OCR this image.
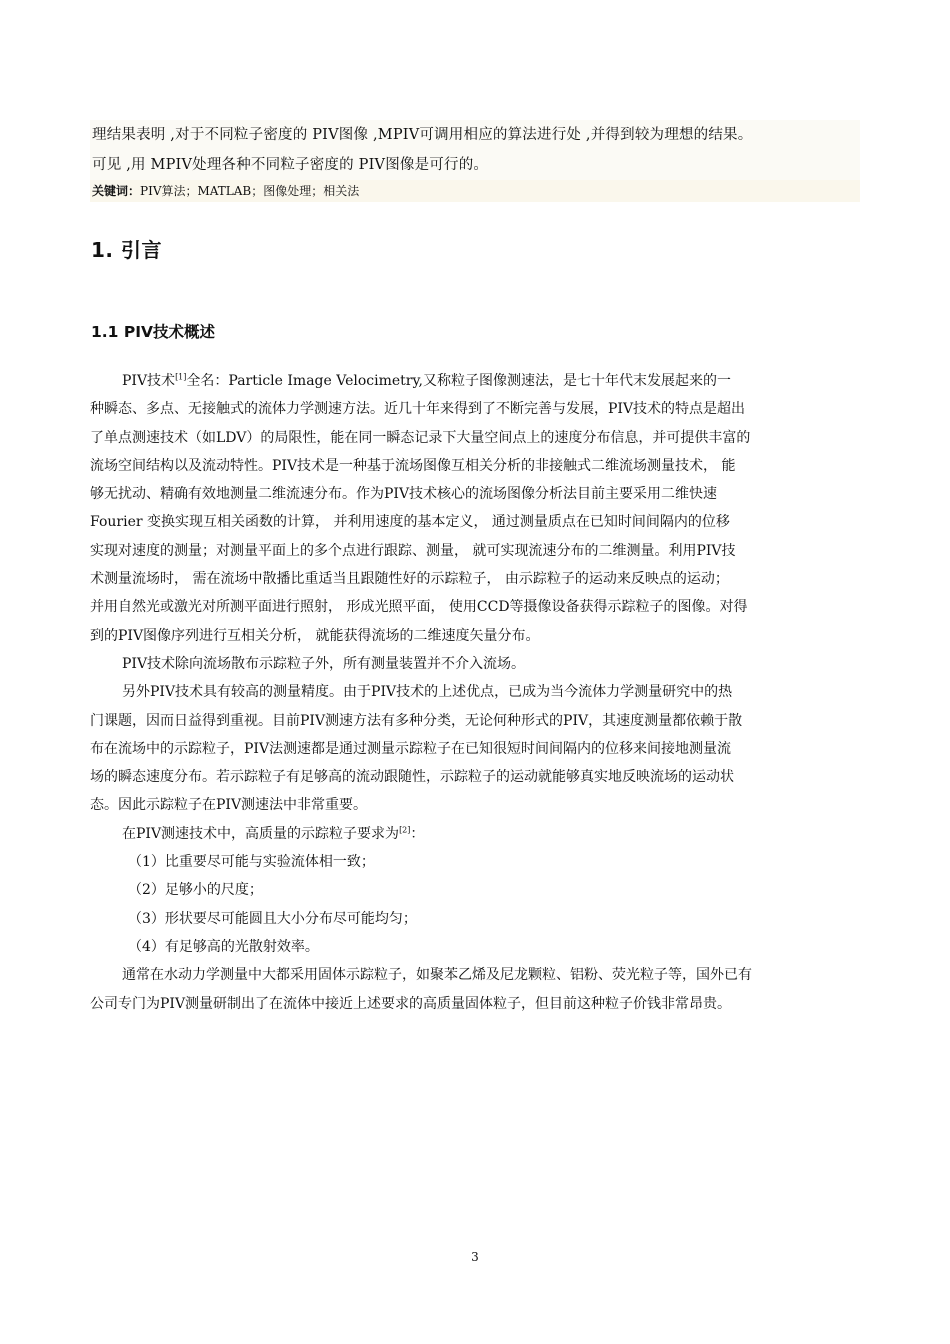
理结果表明 ,对于不同粒子密度的 PIV图像 ,MPIV可调用相应的算法进行处 ,并得到较为理想的结果。
可见 ,用 MPIV处理各种不同粒子密度的 PIV图像是可行的。
关键词：PIV算法；MATLAB；图像处理；相关法
1. 引言
1.1 PIV技术概述
PIV技术[1]全名：Particle Image Velocimetry,又称粒子图像测速法，是七十年代末发展起来的一
种瞬态、多点、无接触式的流体力学测速方法。近几十年来得到了不断完善与发展，PIV技术的特点是超出
了单点测速技术（如LDV）的局限性，能在同一瞬态记录下大量空间点上的速度分布信息，并可提供丰富的
流场空间结构以及流动特性。PIV技术是一种基于流场图像互相关分析的非接触式二维流场测量技术， 能
够无扰动、精确有效地测量二维流速分布。作为PIV技术核心的流场图像分析法目前主要采用二维快速
Fourier 变换实现互相关函数的计算， 并利用速度的基本定义， 通过测量质点在已知时间间隔内的位移
实现对速度的测量；对测量平面上的多个点进行跟踪、测量， 就可实现流速分布的二维测量。利用PIV技
术测量流场时， 需在流场中散播比重适当且跟随性好的示踪粒子， 由示踪粒子的运动来反映点的运动；
并用自然光或激光对所测平面进行照射， 形成光照平面， 使用CCD等摄像设备获得示踪粒子的图像。对得
到的PIV图像序列进行互相关分析， 就能获得流场的二维速度矢量分布。
PIV技术除向流场散布示踪粒子外，所有测量装置并不介入流场。
另外PIV技术具有较高的测量精度。由于PIV技术的上述优点，已成为当今流体力学测量研究中的热
门课题，因而日益得到重视。目前PIV测速方法有多种分类，无论何种形式的PIV，其速度测量都依赖于散
布在流场中的示踪粒子，PIV法测速都是通过测量示踪粒子在已知很短时间间隔内的位移来间接地测量流
场的瞬态速度分布。若示踪粒子有足够高的流动跟随性，示踪粒子的运动就能够真实地反映流场的运动状
态。因此示踪粒子在PIV测速法中非常重要。
在PIV测速技术中，高质量的示踪粒子要求为[2]：
（1）比重要尽可能与实验流体相一致；
（2）足够小的尺度；
（3）形状要尽可能圆且大小分布尽可能均匀；
（4）有足够高的光散射效率。
通常在水动力学测量中大都采用固体示踪粒子，如聚苯乙烯及尼龙颗粒、铝粉、荧光粒子等，国外已有
公司专门为PIV测量研制出了在流体中接近上述要求的高质量固体粒子，但目前这种粒子价钱非常昂贵。
3
